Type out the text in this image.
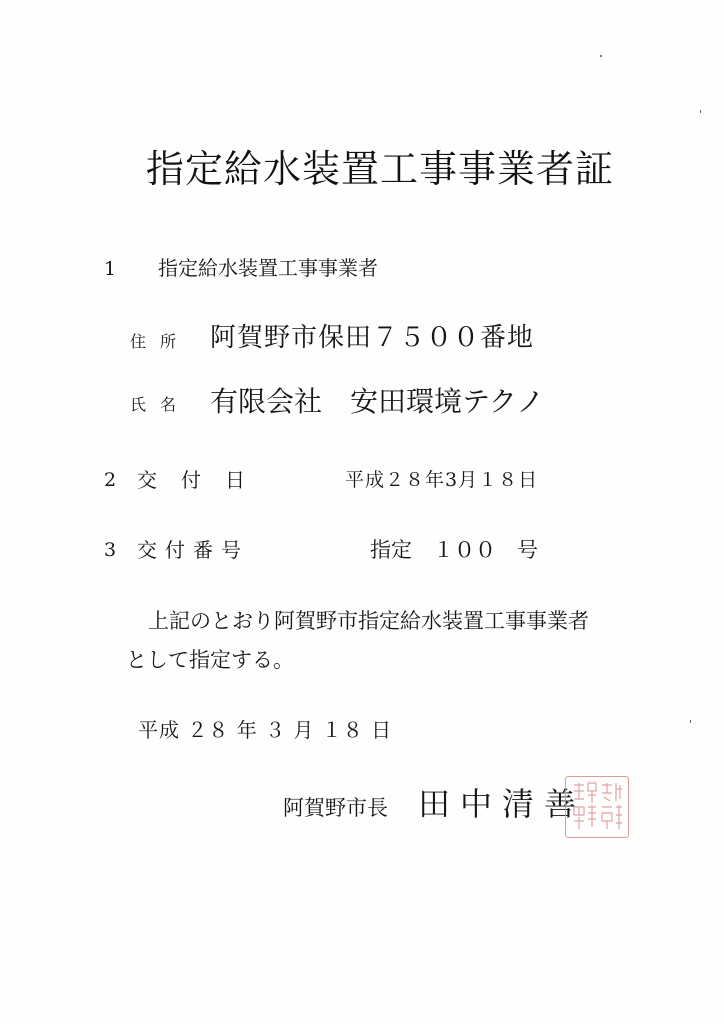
指定給水装置工事事業者証
1 指定給水装置工事事業者
住所 阿賀野市保田７５００番地
氏名 有限会社　安田環境テクノ
2 交付日	平成２８年3月１８日
3 交付番号	指定　１００　号
上記のとおり阿賀野市指定給水装置工事事業者
として指定する。
平成 ２８ 年 ３ 月 １８ 日
阿賀野市長 田中清善
